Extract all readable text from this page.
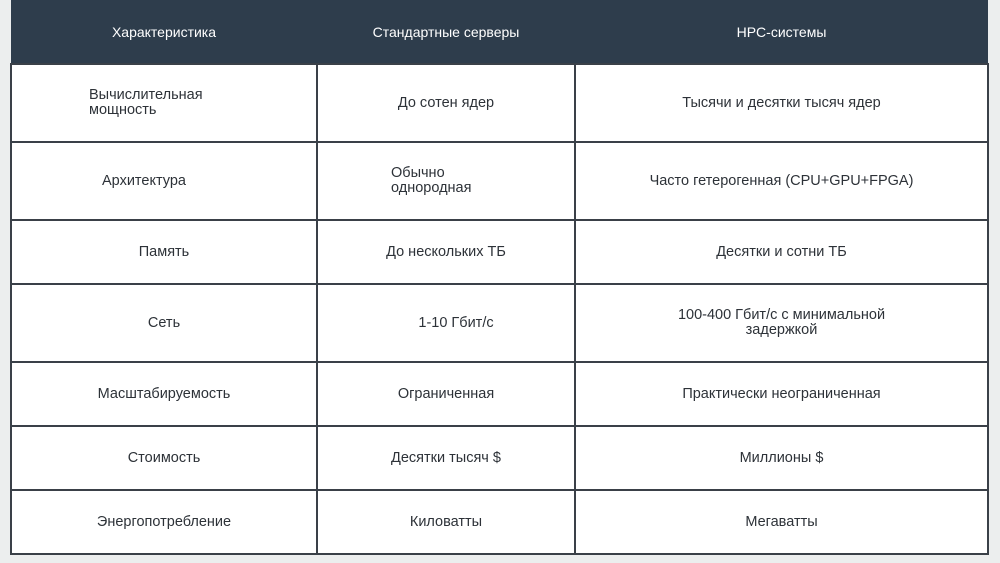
Характеристика	Стандартные серверы	HPC-системы
Вычислительная мощность	До сотен ядер	Тысячи и десятки тысяч ядер
Архитектура	Обычно однородная	Часто гетерогенная (CPU+GPU+FPGA)
Память	До нескольких ТБ	Десятки и сотни ТБ
Сеть	1-10 Гбит/с	100-400 Гбит/с с минимальной задержкой
Масштабируемость	Ограниченная	Практически неограниченная
Стоимость	Десятки тысяч $	Миллионы $
Энергопотребление	Киловатты	Мегаватты
